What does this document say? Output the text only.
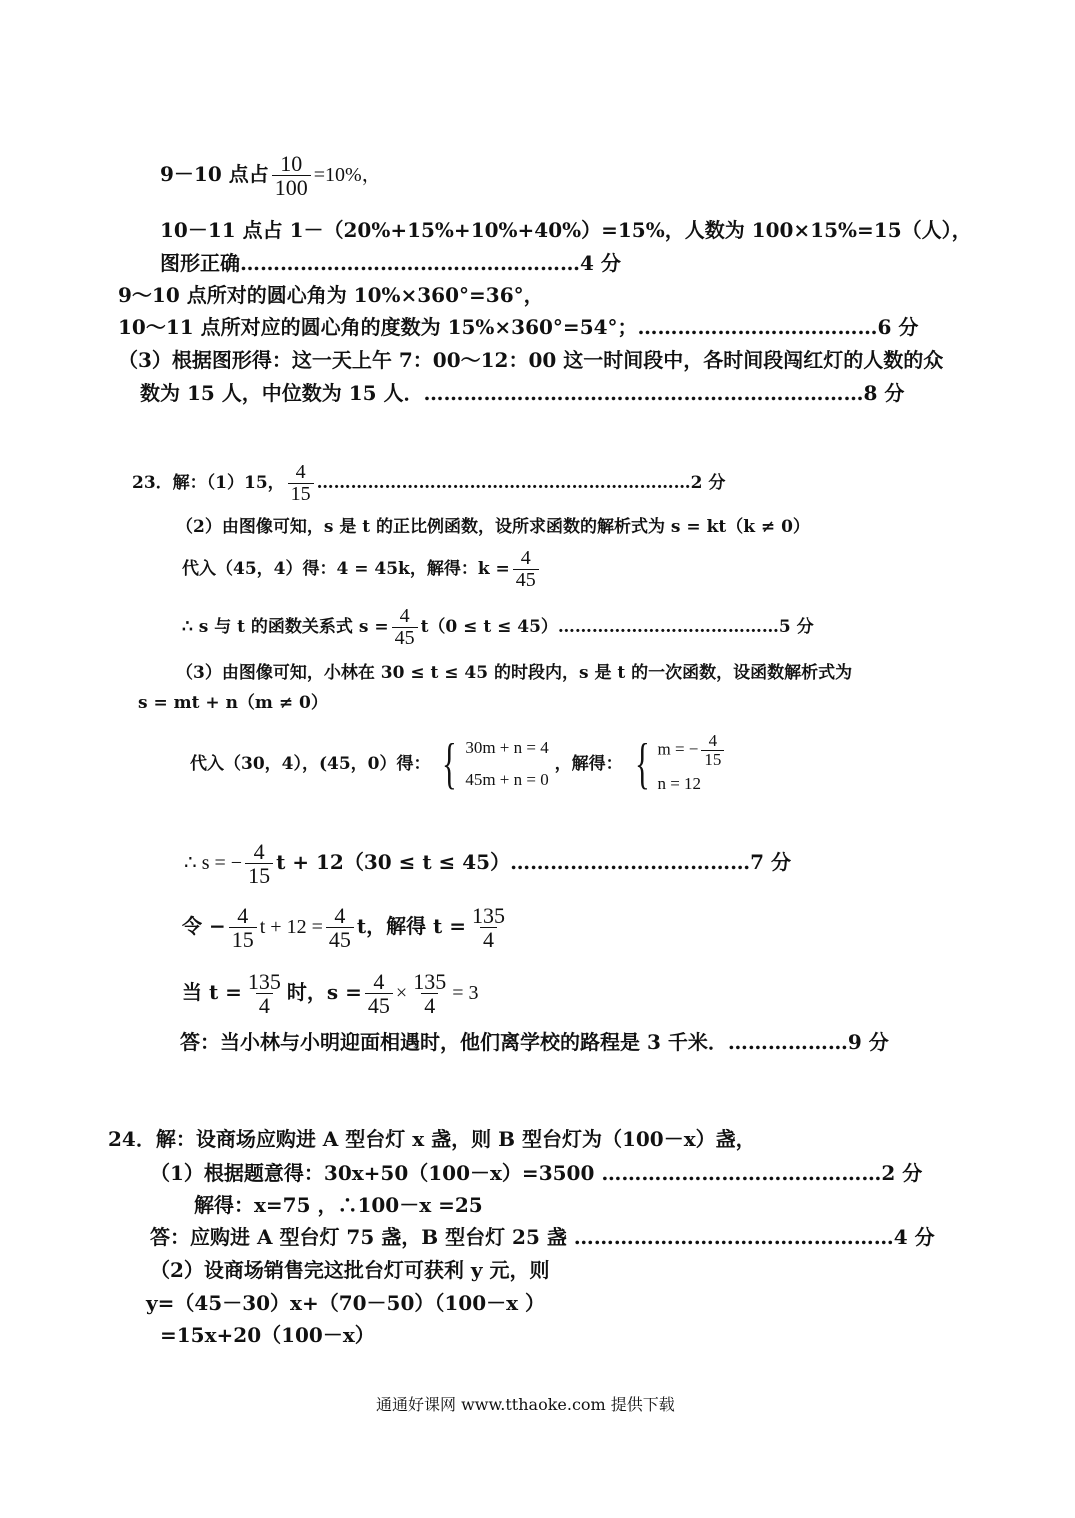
9－10 点占 $\frac{10}{100} =10\%$，
10－11 点占 1－（20%+15%+10%+40%）=15%，人数为 100×15%=15（人），
图形正确……………………………………………4 分
9～10 点所对的圆心角为 10%×360°=36°，
10～11 点所对应的圆心角的度数为 15%×360°=54°；………………………………6 分
（3）根据图形得：这一天上午 7：00～12：00 这一时间段中，各时间段闯红灯的人数的众
数为 15 人，中位数为 15 人．…………………………………………………………8 分
23．解：（1）15， $\frac{4}{15}$ …………………………………………………………2 分
（2）由图像可知，s 是 t 的正比例函数，设所求函数的解析式为 s = kt（k ≠ 0）
代入（45，4）得：4 = 45k，解得：$k = \frac{4}{45}$
∴ s 与 t 的函数关系式 $s = \frac{4}{45} t(0 \le t$ ≤ 45）…………………………………5 分
（3）由图像可知，小林在 30 ≤ t ≤ 45 的时段内，s 是 t 的一次函数，设函数解析式为
s = mt + n（m ≠ 0）
代入（30，4），(45，0）得： { 30m + n = 4
45m + n = 0
，解得： { m = − $\frac{4}{15}$
n = 12
∴ s = − $\frac{4}{15}$ t + 12（30 ≤ t ≤ 45）………………………………7 分
令 − $\frac{4}{15}$ $t + 12 = \frac{4}{45}$ t，解得 $t = \frac{135}{4}$
当 $t = \frac{135}{4}$ 时，$s = \frac{4}{45} \times \frac{135}{4} = 3$
答：当小林与小明迎面相遇时，他们离学校的路程是 3 千米．………………9 分
24．解：设商场应购进 A 型台灯 x 盏，则 B 型台灯为（100－x）盏，
（1）根据题意得：30x+50（100－x）=3500 ……………………………………2 分
解得：x=75 ，∴100－x =25
答：应购进 A 型台灯 75 盏，B 型台灯 25 盏 …………………………………………4 分
（2）设商场销售完这批台灯可获利 y 元，则
y=（45－30）x+（70－50）（100－x ）
=15x+20（100－x）
通通好课网 www.tthaoke.com 提供下载
